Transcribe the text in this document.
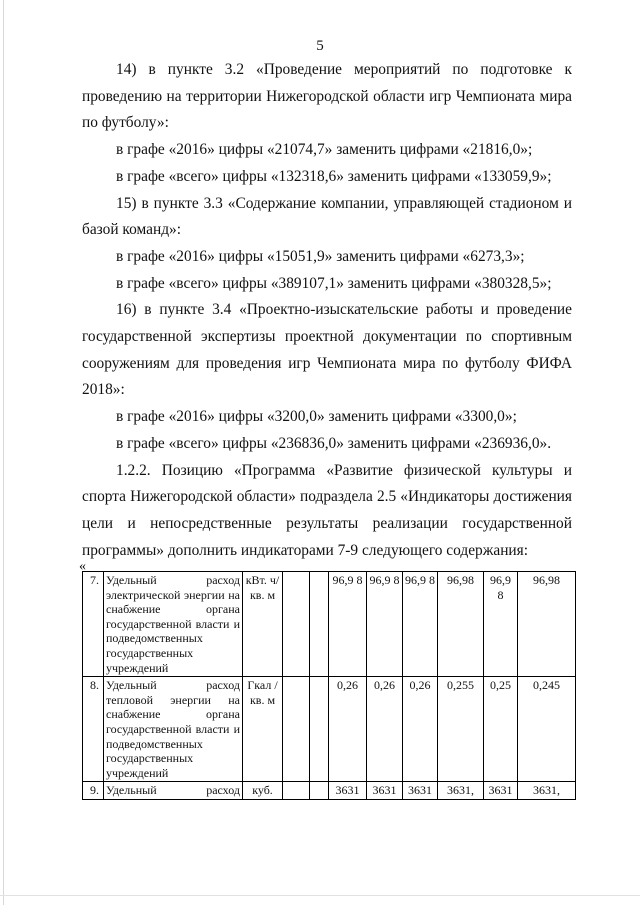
5

14) в пункте 3.2 «Проведение мероприятий по подготовке к проведению на территории Нижегородской области игр Чемпионата мира по футболу»:

в графе «2016» цифры «21074,7» заменить цифрами «21816,0»;

в графе «всего» цифры «132318,6» заменить цифрами «133059,9»;

15) в пункте 3.3 «Содержание компании, управляющей стадионом и базой команд»:

в графе «2016» цифры «15051,9» заменить цифрами «6273,3»;

в графе «всего» цифры «389107,1» заменить цифрами «380328,5»;

16) в пункте 3.4 «Проектно-изыскательские работы и проведение государственной экспертизы проектной документации по спортивным сооружениям для проведения игр Чемпионата мира по футболу ФИФА 2018»:

в графе «2016» цифры «3200,0» заменить цифрами «3300,0»;

в графе «всего» цифры «236836,0» заменить цифрами «236936,0».

1.2.2. Позицию «Программа «Развитие физической культуры и спорта Нижегородской области» подраздела 2.5 «Индикаторы достижения цели и непосредственные результаты реализации государственной программы» дополнить индикаторами 7-9 следующего содержания:

«
7.	Удельный расход электрической энергии на снабжение органа государственной власти и подведомственных государственных учреждений	кВт. ч/кв. м			96,9 8	96,9 8	96,9 8	96,98	96,9 8	96,98
8.	Удельный расход тепловой энергии на снабжение органа государственной власти и подведомственных государственных учреждений	Гкал /кв. м			0,26	0,26	0,26	0,255	0,25	0,245
9.	Удельный расход	куб.			3631	3631	3631	3631,	3631	3631,
